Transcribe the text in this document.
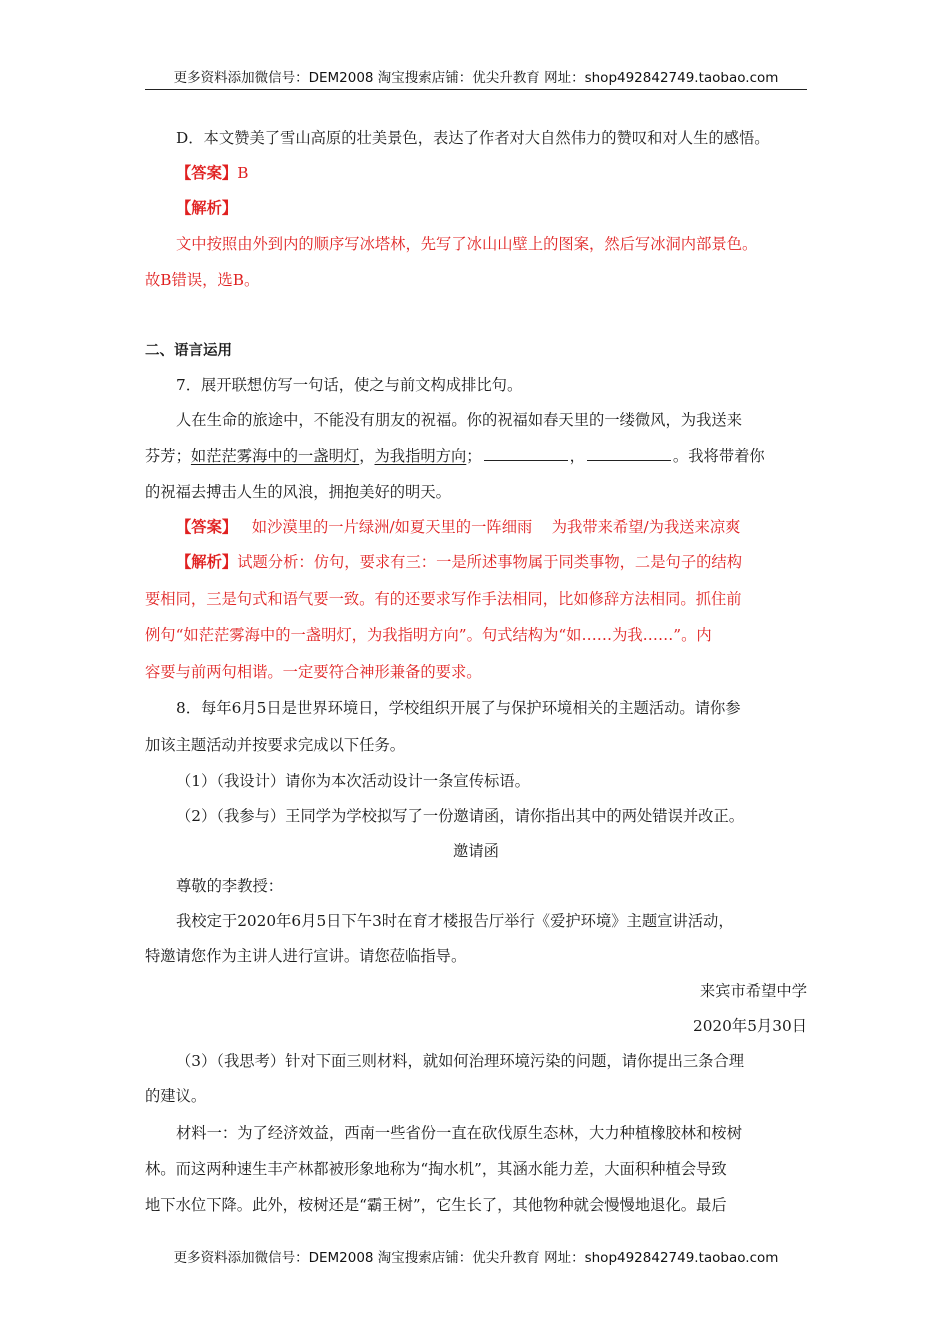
更多资料添加微信号：DEM2008 淘宝搜索店铺：优尖升教育 网址：shop492842749.taobao.com
D．本文赞美了雪山高原的壮美景色，表达了作者对大自然伟力的赞叹和对人生的感悟。
【答案】B
【解析】
文中按照由外到内的顺序写冰塔林，先写了冰山山壁上的图案，然后写冰洞内部景色。
故B错误，选B。
二、语言运用
7．展开联想仿写一句话，使之与前文构成排比句。
人在生命的旅途中，不能没有朋友的祝福。你的祝福如春天里的一缕微风，为我送来
芬芳；如茫茫雾海中的一盏明灯，为我指明方向；	，	。我将带着你
的祝福去搏击人生的风浪，拥抱美好的明天。
【答案】   如沙漠里的一片绿洲/如夏天里的一阵细雨    为我带来希望/为我送来凉爽
【解析】试题分析：仿句，要求有三：一是所述事物属于同类事物，二是句子的结构
要相同，三是句式和语气要一致。有的还要求写作手法相同，比如修辞方法相同。抓住前
例句“如茫茫雾海中的一盏明灯，为我指明方向”。句式结构为“如……为我……”。内
容要与前两句相谐。一定要符合神形兼备的要求。
8．每年6月5日是世界环境日，学校组织开展了与保护环境相关的主题活动。请你参
加该主题活动并按要求完成以下任务。
（1）（我设计）请你为本次活动设计一条宣传标语。
（2）（我参与）王同学为学校拟写了一份邀请函，请你指出其中的两处错误并改正。
邀请函
尊敬的李教授：
我校定于2020年6月5日下午3时在育才楼报告厅举行《爱护环境》主题宣讲活动，
特邀请您作为主讲人进行宣讲。请您莅临指导。
来宾市希望中学
2020年5月30日
（3）（我思考）针对下面三则材料，就如何治理环境污染的问题，请你提出三条合理
的建议。
材料一：为了经济效益，西南一些省份一直在砍伐原生态林，大力种植橡胶林和桉树
林。而这两种速生丰产林都被形象地称为“掏水机”，其涵水能力差，大面积种植会导致
地下水位下降。此外，桉树还是“霸王树”，它生长了，其他物种就会慢慢地退化。最后
更多资料添加微信号：DEM2008 淘宝搜索店铺：优尖升教育 网址：shop492842749.taobao.com
